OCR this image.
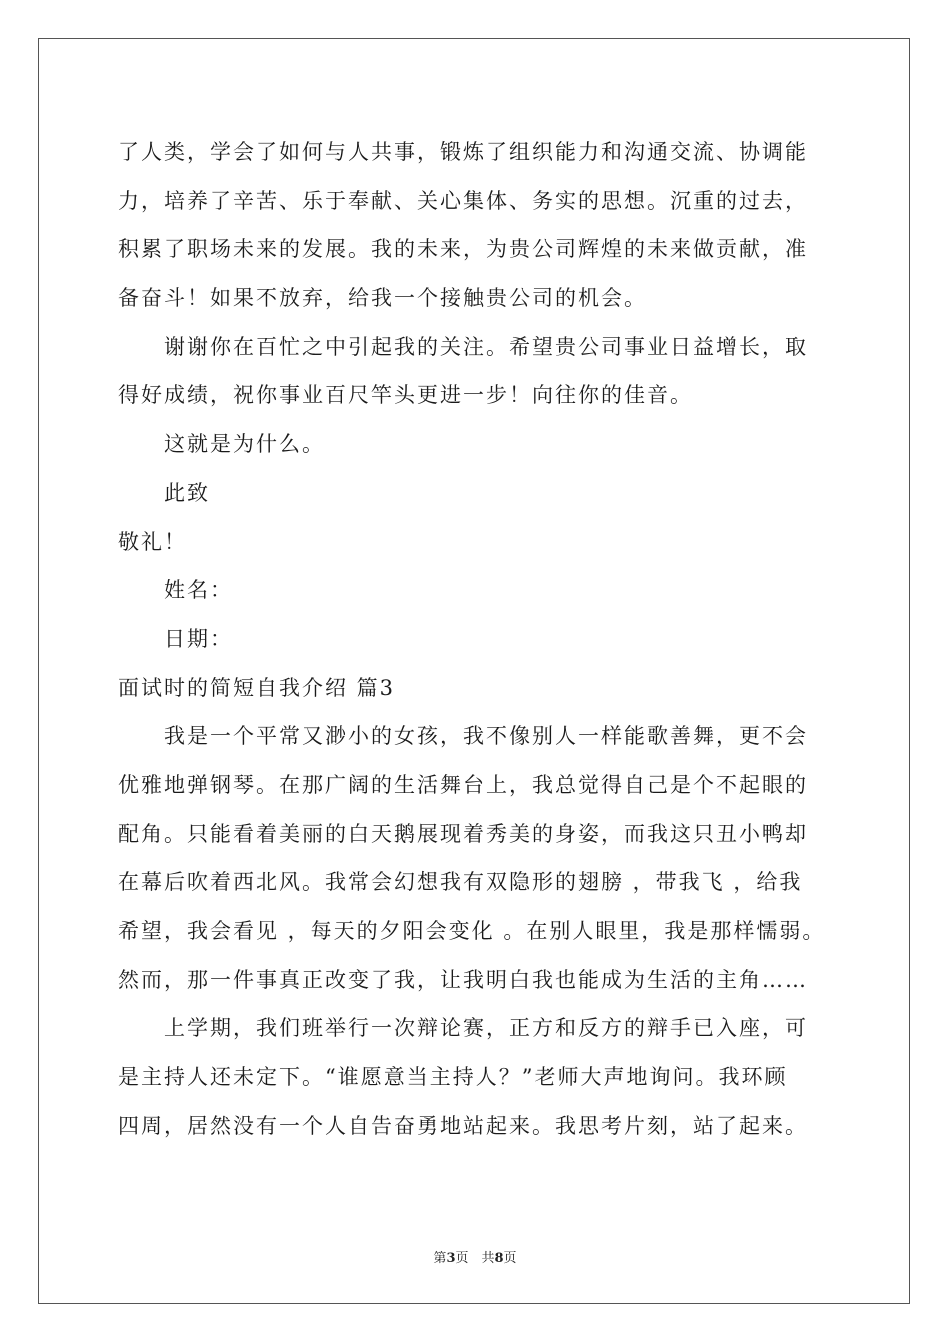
了人类，学会了如何与人共事，锻炼了组织能力和沟通交流、协调能
力，培养了辛苦、乐于奉献、关心集体、务实的思想。沉重的过去，
积累了职场未来的发展。我的未来，为贵公司辉煌的未来做贡献，准
备奋斗！如果不放弃，给我一个接触贵公司的机会。
谢谢你在百忙之中引起我的关注。希望贵公司事业日益增长，取
得好成绩，祝你事业百尺竿头更进一步！向往你的佳音。
这就是为什么。
此致
敬礼！
姓名：
日期：
面试时的简短自我介绍 篇3
我是一个平常又渺小的女孩，我不像别人一样能歌善舞，更不会
优雅地弹钢琴。在那广阔的生活舞台上，我总觉得自己是个不起眼的
配角。只能看着美丽的白天鹅展现着秀美的身姿，而我这只丑小鸭却
在幕后吹着西北风。我常会幻想我有双隐形的翅膀 ，带我飞 ，给我
希望，我会看见 ，每天的夕阳会变化 。在别人眼里，我是那样懦弱。
然而，那一件事真正改变了我，让我明白我也能成为生活的主角……
上学期，我们班举行一次辩论赛，正方和反方的辩手已入座，可
是主持人还未定下。“谁愿意当主持人？”老师大声地询问。我环顾
四周，居然没有一个人自告奋勇地站起来。我思考片刻，站了起来。
第3页　共8页
